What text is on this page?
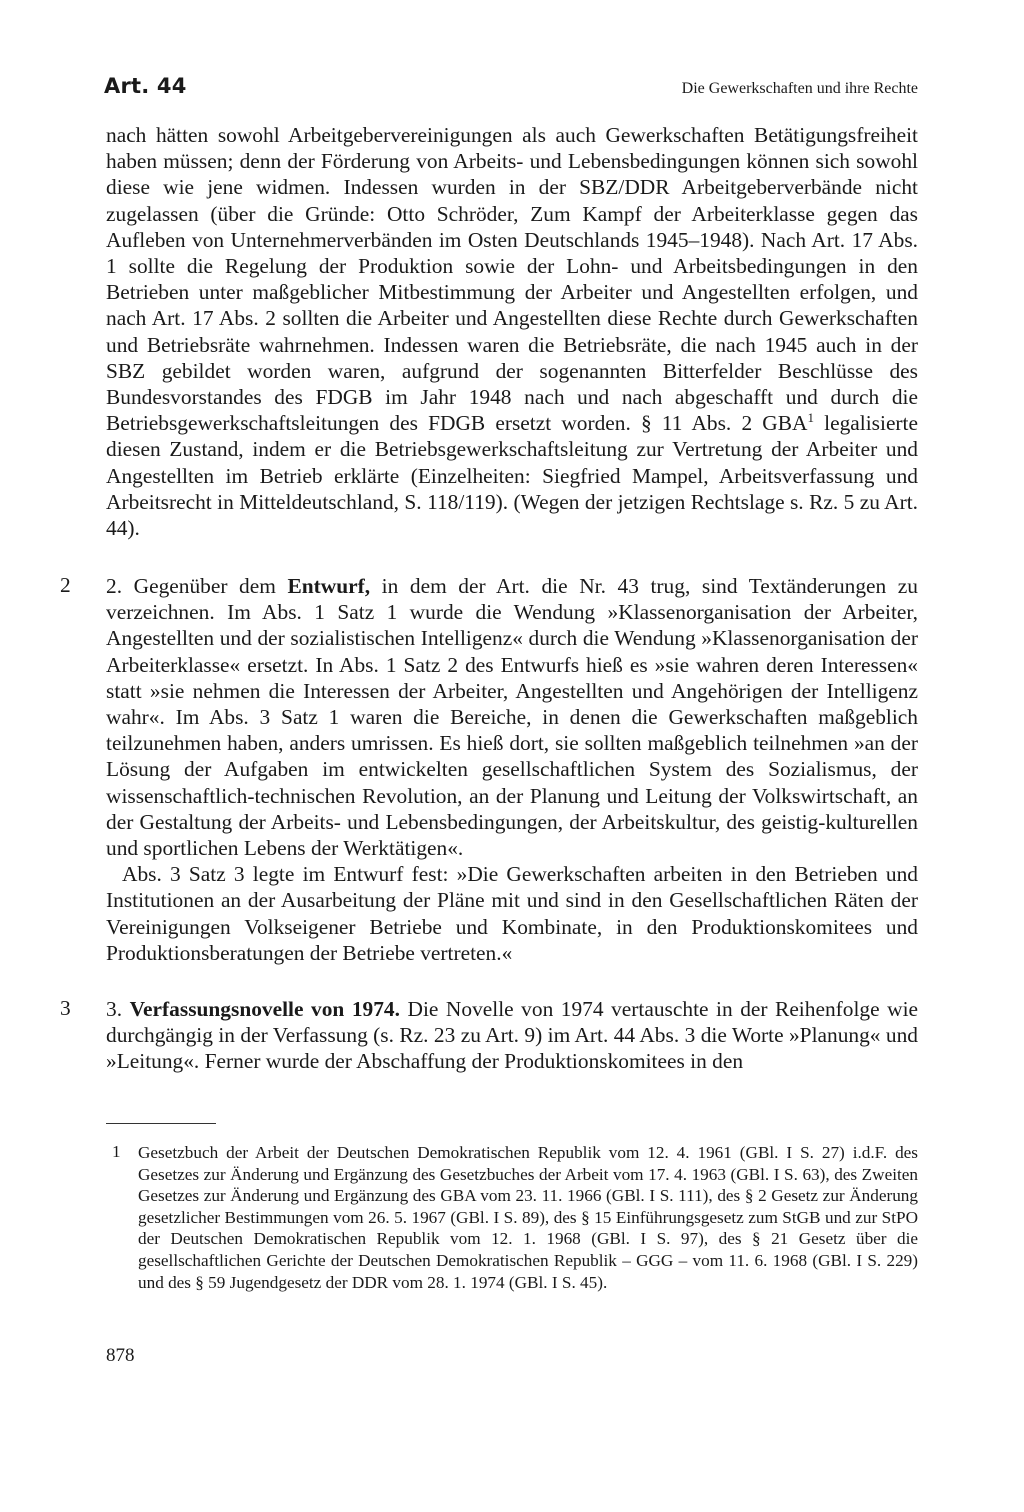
Art. 44	Die Gewerkschaften und ihre Rechte

nach hätten sowohl Arbeitgebervereinigungen als auch Gewerkschaften Betätigungsfreiheit haben müssen; denn der Förderung von Arbeits- und Lebensbedingungen können sich sowohl diese wie jene widmen. Indessen wurden in der SBZ/DDR Arbeitgeberverbände nicht zugelassen (über die Gründe: Otto Schröder, Zum Kampf der Arbeiterklasse gegen das Aufleben von Unternehmerverbänden im Osten Deutschlands 1945–1948). Nach Art. 17 Abs. 1 sollte die Regelung der Produktion sowie der Lohn- und Arbeitsbedingungen in den Betrieben unter maßgeblicher Mitbestimmung der Arbeiter und Angestellten erfolgen, und nach Art. 17 Abs. 2 sollten die Arbeiter und Angestellten diese Rechte durch Gewerkschaften und Betriebsräte wahrnehmen. Indessen waren die Betriebsräte, die nach 1945 auch in der SBZ gebildet worden waren, aufgrund der sogenannten Bitterfelder Beschlüsse des Bundesvorstandes des FDGB im Jahr 1948 nach und nach abgeschafft und durch die Betriebsgewerkschaftsleitungen des FDGB ersetzt worden. § 11 Abs. 2 GBA$^1$ legalisierte diesen Zustand, indem er die Betriebsgewerkschaftsleitung zur Vertretung der Arbeiter und Angestellten im Betrieb erklärte (Einzelheiten: Siegfried Mampel, Arbeitsverfassung und Arbeitsrecht in Mitteldeutschland, S. 118/119). (Wegen der jetzigen Rechtslage s. Rz. 5 zu Art. 44).

2 2. Gegenüber dem Entwurf, in dem der Art. die Nr. 43 trug, sind Textänderungen zu verzeichnen. Im Abs. 1 Satz 1 wurde die Wendung »Klassenorganisation der Arbeiter, Angestellten und der sozialistischen Intelligenz« durch die Wendung »Klassenorganisation der Arbeiterklasse« ersetzt. In Abs. 1 Satz 2 des Entwurfs hieß es »sie wahren deren Interessen« statt »sie nehmen die Interessen der Arbeiter, Angestellten und Angehörigen der Intelligenz wahr«. Im Abs. 3 Satz 1 waren die Bereiche, in denen die Gewerkschaften maßgeblich teilzunehmen haben, anders umrissen. Es hieß dort, sie sollten maßgeblich teilnehmen »an der Lösung der Aufgaben im entwickelten gesellschaftlichen System des Sozialismus, der wissenschaftlich-technischen Revolution, an der Planung und Leitung der Volkswirtschaft, an der Gestaltung der Arbeits- und Lebensbedingungen, der Arbeitskultur, des geistig-kulturellen und sportlichen Lebens der Werktätigen«.

Abs. 3 Satz 3 legte im Entwurf fest: »Die Gewerkschaften arbeiten in den Betrieben und Institutionen an der Ausarbeitung der Pläne mit und sind in den Gesellschaftlichen Räten der Vereinigungen Volkseigener Betriebe und Kombinate, in den Produktionskomitees und Produktionsberatungen der Betriebe vertreten.«

3 3. Verfassungsnovelle von 1974. Die Novelle von 1974 vertauschte in der Reihenfolge wie durchgängig in der Verfassung (s. Rz. 23 zu Art. 9) im Art. 44 Abs. 3 die Worte »Planung« und »Leitung«. Ferner wurde der Abschaffung der Produktionskomitees in den

1 Gesetzbuch der Arbeit der Deutschen Demokratischen Republik vom 12. 4. 1961 (GBl. I S. 27) i.d.F. des Gesetzes zur Änderung und Ergänzung des Gesetzbuches der Arbeit vom 17. 4. 1963 (GBl. I S. 63), des Zweiten Gesetzes zur Änderung und Ergänzung des GBA vom 23. 11. 1966 (GBl. I S. 111), des § 2 Gesetz zur Änderung gesetzlicher Bestimmungen vom 26. 5. 1967 (GBl. I S. 89), des § 15 Einführungsgesetz zum StGB und zur StPO der Deutschen Demokratischen Republik vom 12. 1. 1968 (GBl. I S. 97), des § 21 Gesetz über die gesellschaftlichen Gerichte der Deutschen Demokratischen Republik – GGG – vom 11. 6. 1968 (GBl. I S. 229) und des § 59 Jugendgesetz der DDR vom 28. 1. 1974 (GBl. I S. 45).

878
